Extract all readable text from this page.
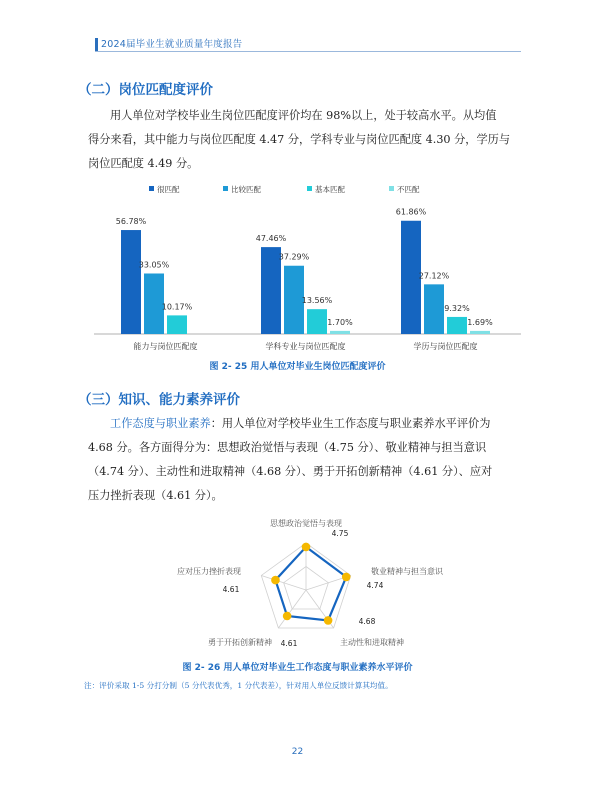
2024届毕业生就业质量年度报告
（二）岗位匹配度评价
用人单位对学校毕业生岗位匹配度评价均在 98%以上，处于较高水平。从均值
得分来看，其中能力与岗位匹配度 4.47 分，学科专业与岗位匹配度 4.30 分，学历与
岗位匹配度 4.49 分。
很匹配	比较匹配	基本匹配	不匹配
56.78%
33.05%
10.17%
能力与岗位匹配度
47.46%
37.29%
13.56%
1.70%
学科专业与岗位匹配度
61.86%
27.12%
9.32%
1.69%
学历与岗位匹配度
图 2- 25 用人单位对毕业生岗位匹配度评价
（三）知识、能力素养评价
工作态度与职业素养：用人单位对学校毕业生工作态度与职业素养水平评价为
4.68 分。各方面得分为：思想政治觉悟与表现（4.75 分）、敬业精神与担当意识
（4.74 分）、主动性和进取精神（4.68 分）、勇于开拓创新精神（4.61 分）、应对
压力挫折表现（4.61 分）。
思想政治觉悟与表现
4.75
敬业精神与担当意识
4.74
主动性和进取精神
4.68
勇于开拓创新精神 4.61
应对压力挫折表现
4.61
图 2- 26 用人单位对毕业生工作态度与职业素养水平评价
注：评价采取 1-5 分打分制（5 分代表优秀，1 分代表差），针对用人单位反馈计算其均值。
22
